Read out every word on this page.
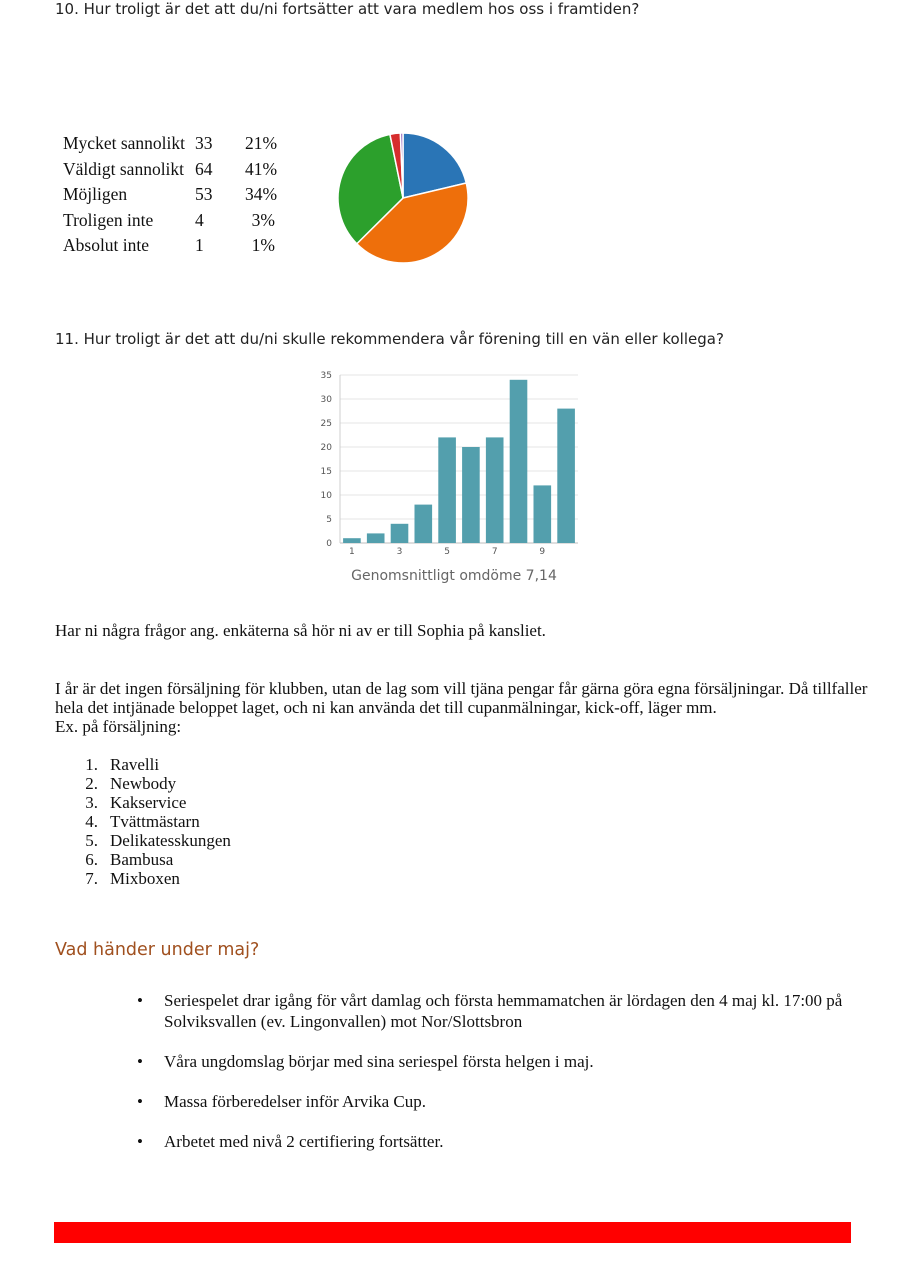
10. Hur troligt är det att du/ni fortsätter att vara medlem hos oss i framtiden?
Mycket sannolikt 33 21%
Väldigt sannolikt 64 41%
Möjligen	53 34%
Troligen inte 4	3%
Absolut inte	1	1%
11. Hur troligt är det att du/ni skulle rekommendera vår förening till en vän eller kollega?
0
5
10
15
20
25
30
35
1	3	5	7	9
Genomsnittligt omdöme 7,14
Har ni några frågor ang. enkäterna så hör ni av er till Sophia på kansliet.
I år är det ingen försäljning för klubben, utan de lag som vill tjäna pengar får gärna göra egna försäljningar. Då tillfaller hela det intjänade beloppet laget, och ni kan använda det till cupanmälningar, kick-off, läger mm.
Ex. på försäljning:
1. Ravelli
2. Newbody
3. Kakservice
4. Tvättmästarn
5. Delikatesskungen
6. Bambusa
7. Mixboxen
Vad händer under maj?
• Seriespelet drar igång för vårt damlag och första hemmamatchen är lördagen den 4 maj kl. 17:00 på Solviksvallen (ev. Lingonvallen) mot Nor/Slottsbron
• Våra ungdomslag börjar med sina seriespel första helgen i maj.
• Massa förberedelser inför Arvika Cup.
• Arbetet med nivå 2 certifiering fortsätter.
